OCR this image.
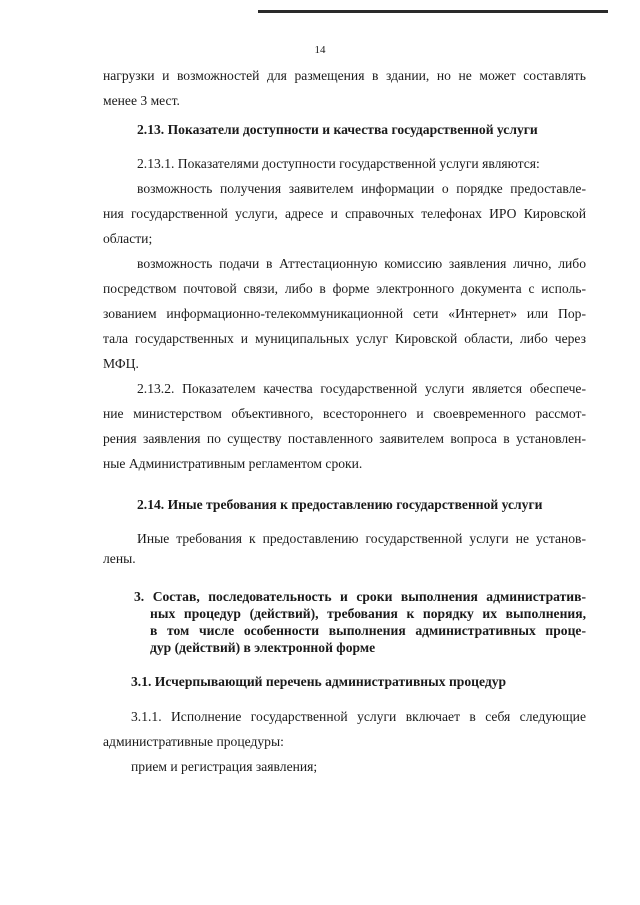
14
нагрузки и возможностей для размещения в здании, но не может составлять
менее 3 мест.
2.13. Показатели доступности и качества государственной услуги
2.13.1. Показателями доступности государственной услуги являются:
возможность получения заявителем информации о порядке предоставле-
ния государственной услуги, адресе и справочных телефонах ИРО Кировской
области;
возможность подачи в Аттестационную комиссию заявления лично, либо
посредством почтовой связи, либо в форме электронного документа с исполь-
зованием информационно-телекоммуникационной сети «Интернет» или Пор-
тала государственных и муниципальных услуг Кировской области, либо через
МФЦ.
2.13.2. Показателем качества государственной услуги является обеспече-
ние министерством объективного, всестороннего и своевременного рассмот-
рения заявления по существу поставленного заявителем вопроса в установлен-
ные Административным регламентом сроки.
2.14. Иные требования к предоставлению государственной услуги
Иные требования к предоставлению государственной услуги не установ-
лены.
3. Состав, последовательность и сроки выполнения административ-
ных процедур (действий), требования к порядку их выполнения,
в том числе особенности выполнения административных проце-
дур (действий) в электронной форме
3.1. Исчерпывающий перечень административных процедур
3.1.1. Исполнение государственной услуги включает в себя следующие
административные процедуры:
прием и регистрация заявления;
